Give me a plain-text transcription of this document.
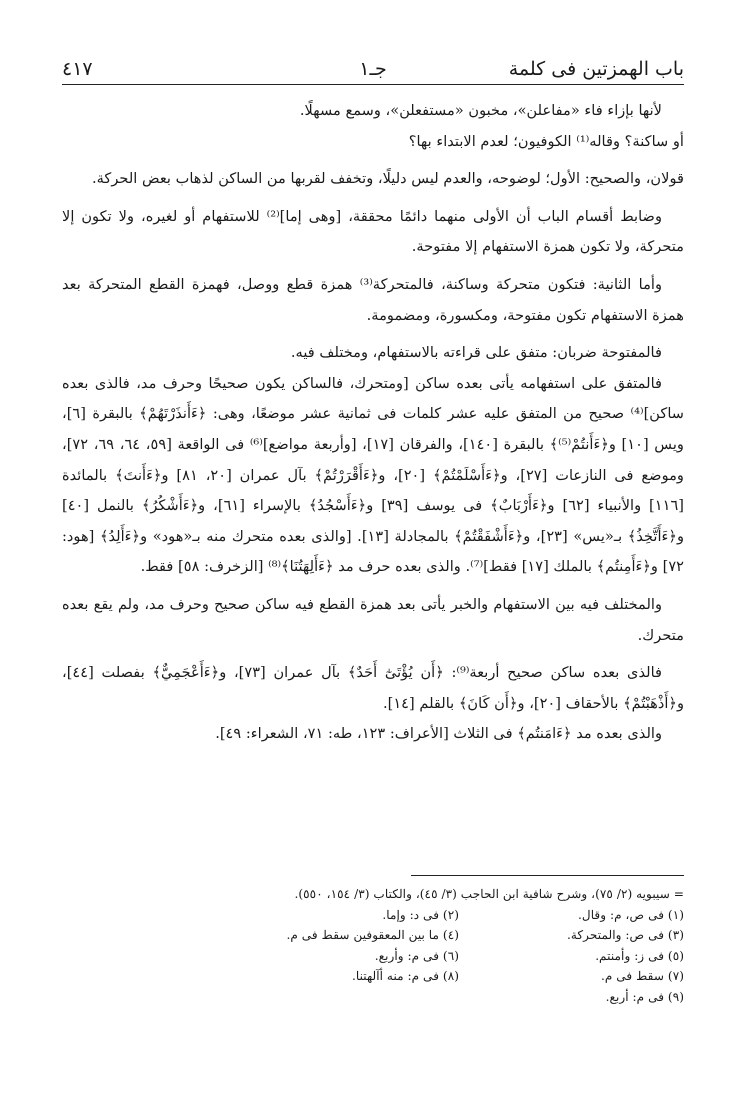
باب الهمزتين فى كلمة
جـ١
٤١٧

لأنها بإزاء فاء «مفاعلن»، مخبون «مستفعلن»، وسمع مسهلًا.

أو ساكنة؟ وقاله⁽¹⁾ الكوفيون؛ لعدم الابتداء بها؟

قولان، والصحيح: الأول؛ لوضوحه، والعدم ليس دليلًا، وتخفف لقربها من الساكن لذهاب بعض الحركة.

وضابط أقسام الباب أن الأولى منهما دائمًا محققة، [وهى إما]⁽²⁾ للاستفهام أو لغيره، ولا تكون إلا متحركة، ولا تكون همزة الاستفهام إلا مفتوحة.

وأما الثانية: فتكون متحركة وساكنة، فالمتحركة⁽³⁾ همزة قطع ووصل، فهمزة القطع المتحركة بعد همزة الاستفهام تكون مفتوحة، ومكسورة، ومضمومة.

فالمفتوحة ضربان: متفق على قراءته بالاستفهام، ومختلف فيه.

فالمتفق على استفهامه يأتى بعده ساكن [ومتحرك، فالساكن يكون صحيحًا وحرف مد، فالذى بعده ساكن]⁽⁴⁾ صحيح من المتفق عليه عشر كلمات فى ثمانية عشر موضعًا، وهى: ﴿ءَأَنذَرْتَهُمْ﴾ بالبقرة [٦]، ويس [١٠] و﴿ءَأَنتُمْ⁽⁵⁾﴾ بالبقرة [١٤٠]، والفرقان [١٧]، [وأربعة مواضع]⁽⁶⁾ فى الواقعة [٥٩، ٦٤، ٦٩، ٧٢]، وموضع فى النازعات [٢٧]، و﴿ءَأَسْلَمْتُمْ﴾ [٢٠]، و﴿ءَأَقْرَرْتُمْ﴾ بآل عمران [٢٠، ٨١] و﴿ءَأَنتَ﴾ بالمائدة [١١٦] والأنبياء [٦٢] و﴿ءَأَرْبَابٌ﴾ فى يوسف [٣٩] و﴿ءَأَسْجُدُ﴾ بالإسراء [٦١]، و﴿ءَأَشْكُرُ﴾ بالنمل [٤٠] و﴿ءَأَتَّخِذُ﴾ بـ«يس» [٢٣]، و﴿ءَأَشْفَقْتُمْ﴾ بالمجادلة [١٣]. [والذى بعده متحرك منه بـ«هود» و﴿ءَأَلِدُ﴾ [هود: ٧٢] و﴿ءَأَمِنتُم﴾ بالملك [١٧] فقط]⁽⁷⁾. والذى بعده حرف مد ﴿ءَأَلِهَتُنَا﴾⁽⁸⁾ [الزخرف: ٥٨] فقط.

والمختلف فيه بين الاستفهام والخبر يأتى بعد همزة القطع فيه ساكن صحيح وحرف مد، ولم يقع بعده متحرك.

فالذى بعده ساكن صحيح أربعة⁽⁹⁾: ﴿أَن يُؤْتَىٰٓ أَحَدٌ﴾ بآل عمران [٧٣]، و﴿ءَأَعْجَمِيٌّ﴾ بفصلت [٤٤]، و﴿أَذْهَبْتُمْ﴾ بالأحقاف [٢٠]، و﴿أَن كَانَ﴾ بالقلم [١٤].

والذى بعده مد ﴿ءَامَنتُم﴾ فى الثلاث [الأعراف: ١٢٣، طه: ٧١، الشعراء: ٤٩].

= سيبويه (٢/ ٧٥)، وشرح شافية ابن الحاجب (٣/ ٤٥)، والكتاب (٣/ ١٥٤، ٥٥٠).

(١) فى ص، م: وقال.
(٢) فى د: وإما.
(٣) فى ص: والمتحركة.
(٤) ما بين المعقوفين سقط فى م.
(٥) فى ز: وأمنتم.
(٦) فى م: وأربع.
(٧) سقط فى م.
(٨) فى م: منه أآلهتنا.
(٩) فى م: أربع.
